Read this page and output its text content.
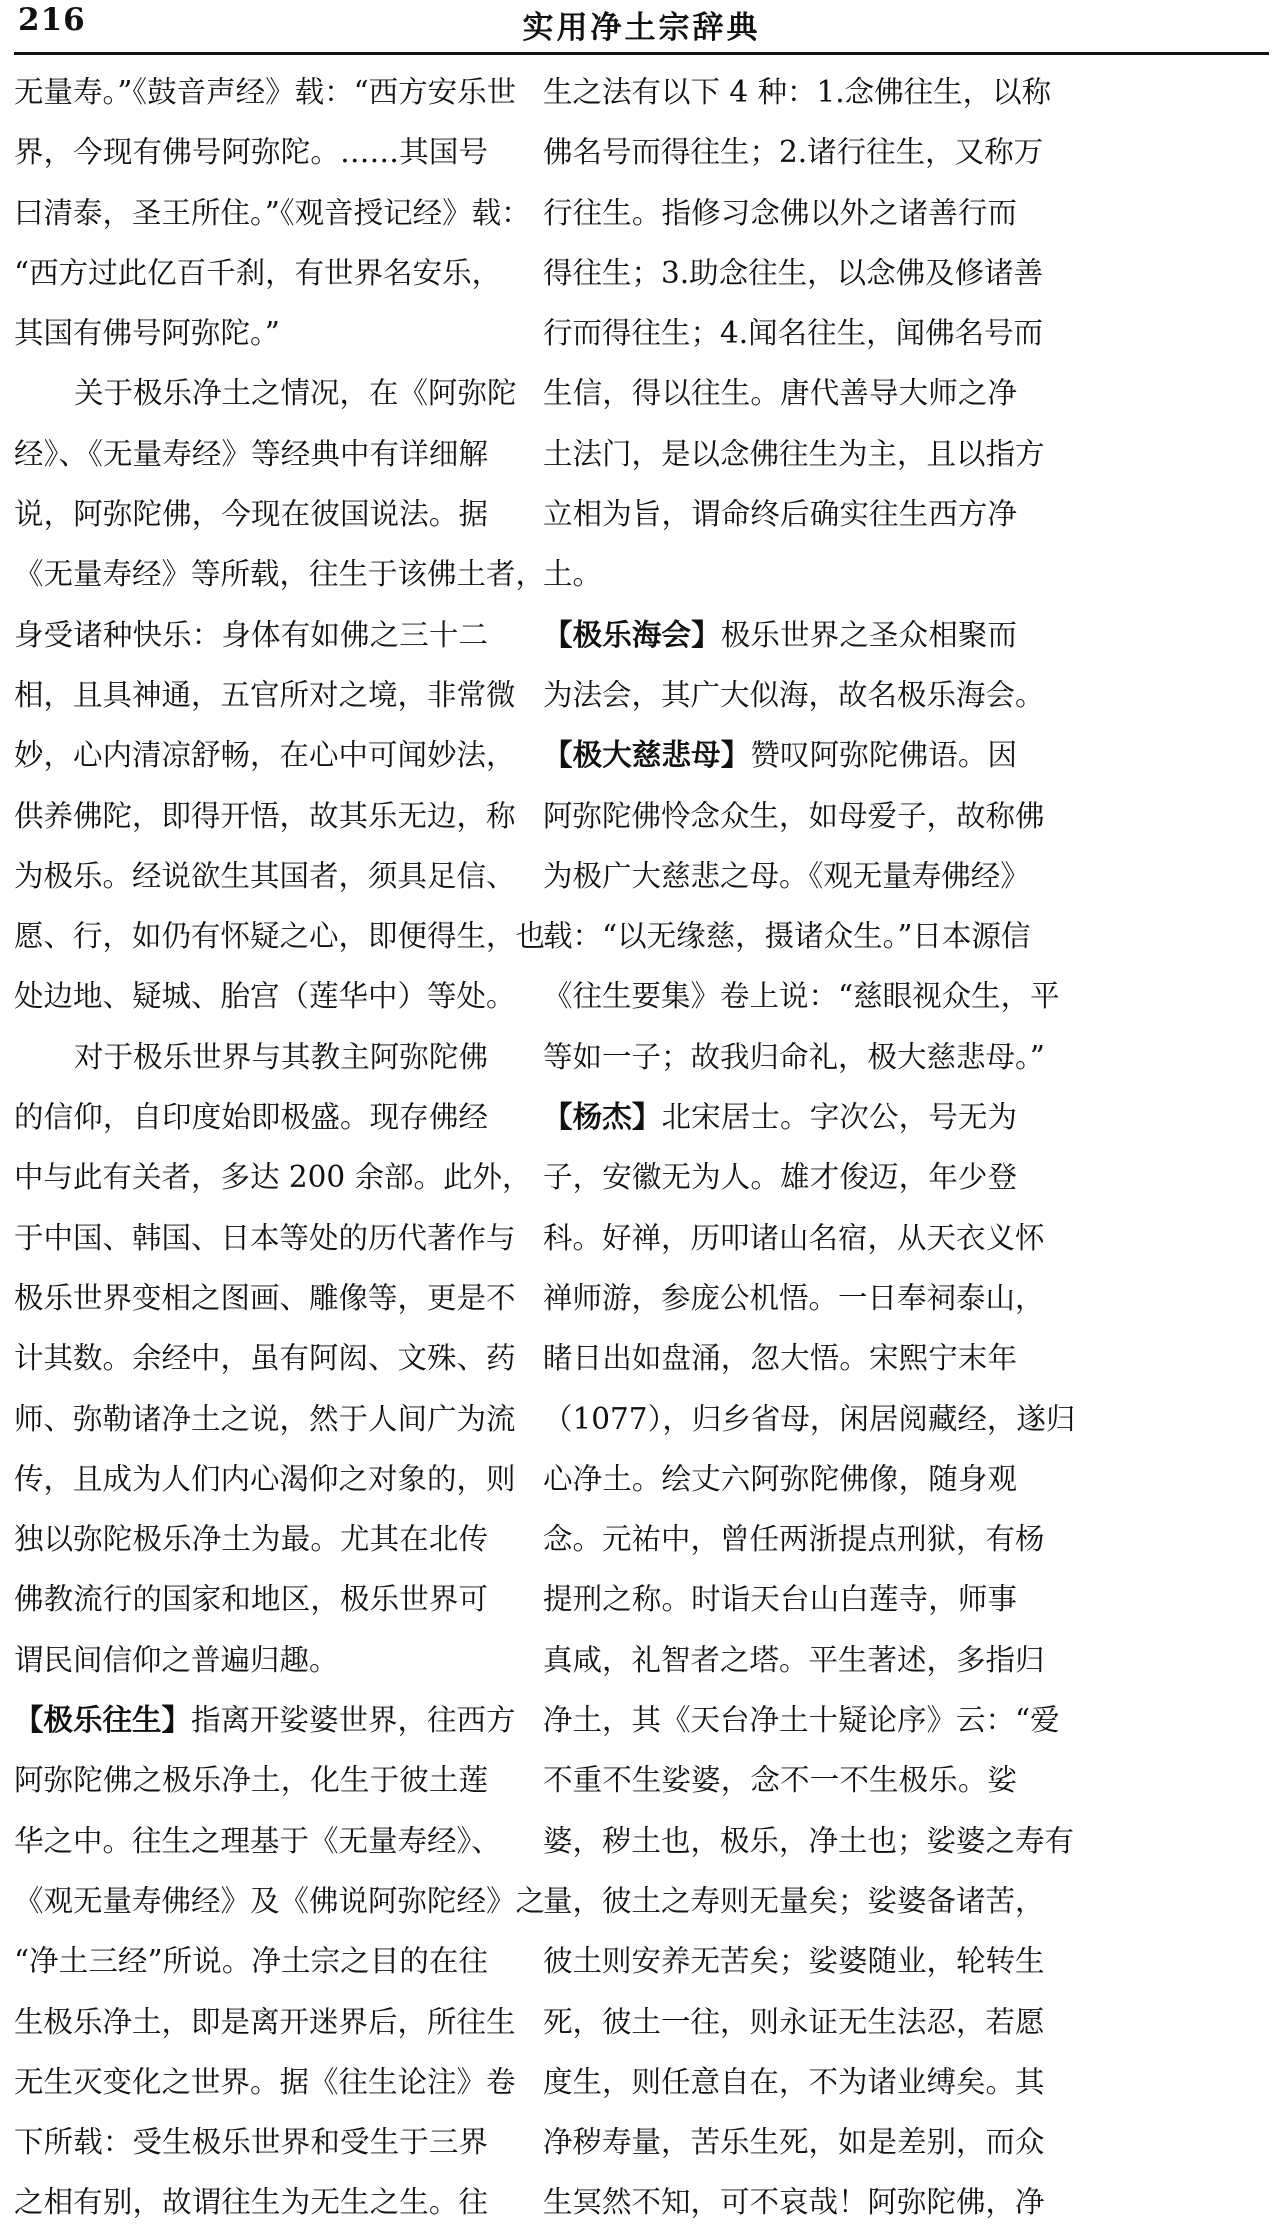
216	实用净土宗辞典
无量寿。”《鼓音声经》载：“西方安乐世
界，今现有佛号阿弥陀。……其国号
曰清泰，圣王所住。”《观音授记经》载：
“西方过此亿百千刹，有世界名安乐，
其国有佛号阿弥陀。”
关于极乐净土之情况，在《阿弥陀
经》、《无量寿经》等经典中有详细解
说，阿弥陀佛，今现在彼国说法。据
《无量寿经》等所载，往生于该佛土者，
身受诸种快乐：身体有如佛之三十二
相，且具神通，五官所对之境，非常微
妙，心内清凉舒畅，在心中可闻妙法，
供养佛陀，即得开悟，故其乐无边，称
为极乐。经说欲生其国者，须具足信、
愿、行，如仍有怀疑之心，即便得生，也
处边地、疑城、胎宫（莲华中）等处。
对于极乐世界与其教主阿弥陀佛
的信仰，自印度始即极盛。现存佛经
中与此有关者，多达 200 余部。此外，
于中国、韩国、日本等处的历代著作与
极乐世界变相之图画、雕像等，更是不
计其数。余经中，虽有阿闳、文殊、药
师、弥勒诸净土之说，然于人间广为流
传，且成为人们内心渴仰之对象的，则
独以弥陀极乐净土为最。尤其在北传
佛教流行的国家和地区，极乐世界可
谓民间信仰之普遍归趣。
【极乐往生】指离开娑婆世界，往西方
阿弥陀佛之极乐净土，化生于彼土莲
华之中。往生之理基于《无量寿经》、
《观无量寿佛经》及《佛说阿弥陀经》之
“净土三经”所说。净土宗之目的在往
生极乐净土，即是离开迷界后，所往生
无生灭变化之世界。据《往生论注》卷
下所载：受生极乐世界和受生于三界
之相有别，故谓往生为无生之生。往
生之法有以下 4 种：1.念佛往生，以称
佛名号而得往生；2.诸行往生，又称万
行往生。指修习念佛以外之诸善行而
得往生；3.助念往生，以念佛及修诸善
行而得往生；4.闻名往生，闻佛名号而
生信，得以往生。唐代善导大师之净
土法门，是以念佛往生为主，且以指方
立相为旨，谓命终后确实往生西方净
土。
【极乐海会】极乐世界之圣众相聚而
为法会，其广大似海，故名极乐海会。
【极大慈悲母】赞叹阿弥陀佛语。因
阿弥陀佛怜念众生，如母爱子，故称佛
为极广大慈悲之母。《观无量寿佛经》
载：“以无缘慈，摄诸众生。”日本源信
《往生要集》卷上说：“慈眼视众生，平
等如一子；故我归命礼，极大慈悲母。”
【杨杰】北宋居士。字次公，号无为
子，安徽无为人。雄才俊迈，年少登
科。好禅，历叩诸山名宿，从天衣义怀
禅师游，参庞公机悟。一日奉祠泰山，
睹日出如盘涌，忽大悟。宋熙宁末年
（1077），归乡省母，闲居阅藏经，遂归
心净土。绘丈六阿弥陀佛像，随身观
念。元祐中，曾任两浙提点刑狱，有杨
提刑之称。时诣天台山白莲寺，师事
真咸，礼智者之塔。平生著述，多指归
净土，其《天台净土十疑论序》云：“爱
不重不生娑婆，念不一不生极乐。娑
婆，秽土也，极乐，净土也；娑婆之寿有
量，彼土之寿则无量矣；娑婆备诸苦，
彼土则安养无苦矣；娑婆随业，轮转生
死，彼土一往，则永证无生法忍，若愿
度生，则任意自在，不为诸业缚矣。其
净秽寿量，苦乐生死，如是差别，而众
生冥然不知，可不哀哉！阿弥陀佛，净
